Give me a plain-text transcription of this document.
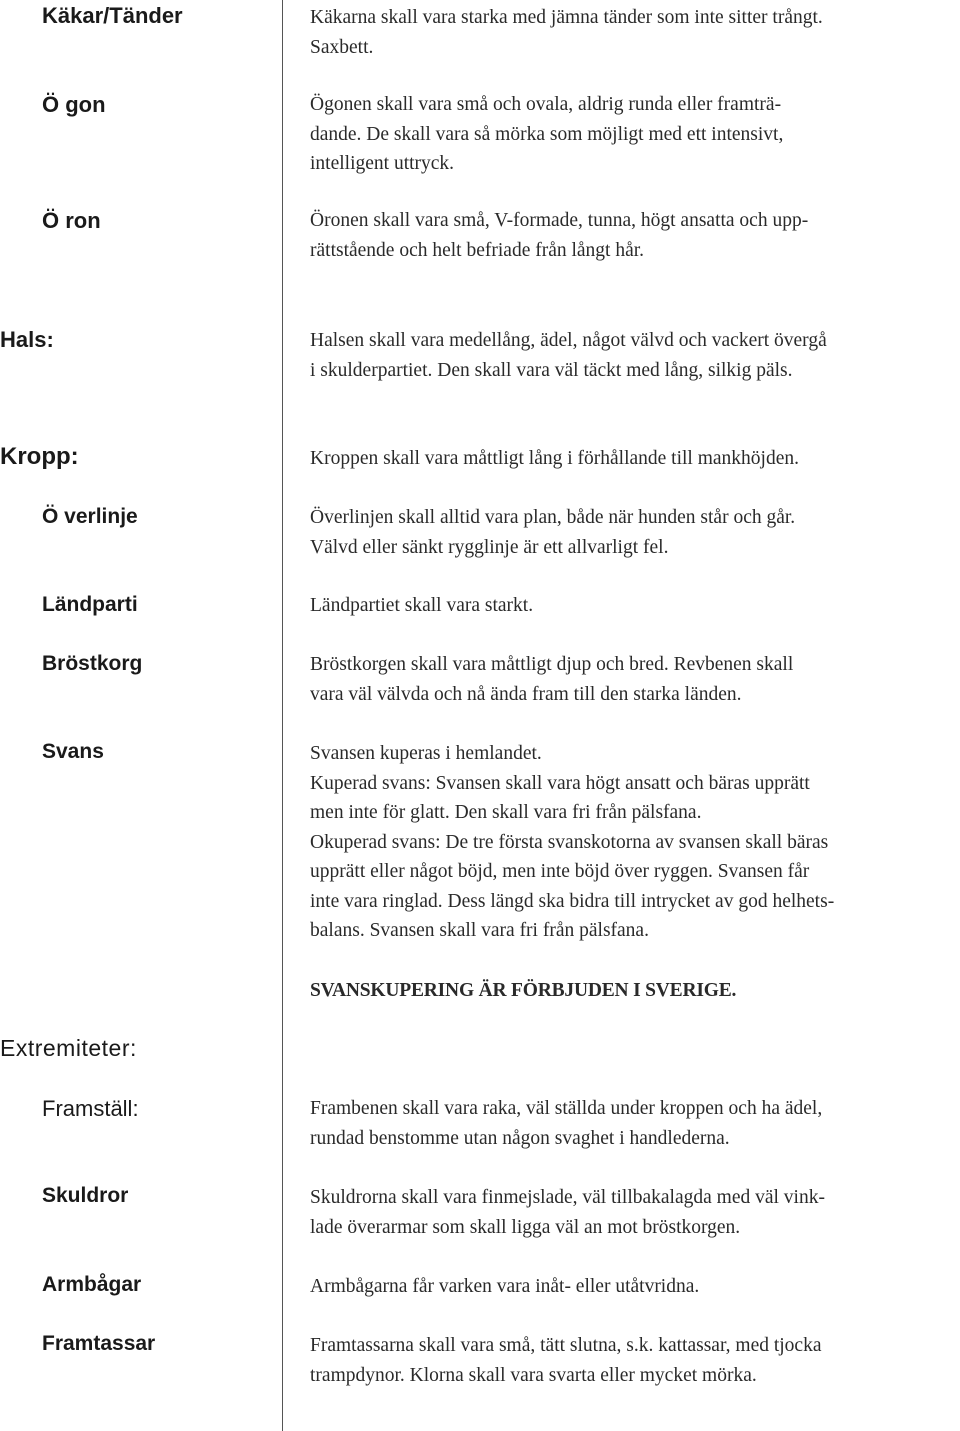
Käkar/Tänder	Käkarna skall vara starka med jämna tänder som inte sitter trångt.
Saxbett.
Ö gon	Ögonen skall vara små och ovala, aldrig runda eller framträ-
dande. De skall vara så mörka som möjligt med ett intensivt,
intelligent uttryck.
Ö ron	Öronen skall vara små, V-formade, tunna, högt ansatta och upp-
rättstående och helt befriade från långt hår.
Hals:	Halsen skall vara medellång, ädel, något välvd och vackert övergå
i skulderpartiet. Den skall vara väl täckt med lång, silkig päls.
Kropp:	Kroppen skall vara måttligt lång i förhållande till mankhöjden.
Ö verlinje	Överlinjen skall alltid vara plan, både när hunden står och går.
Välvd eller sänkt rygglinje är ett allvarligt fel.
Ländparti	Ländpartiet skall vara starkt.
Bröstkorg	Bröstkorgen skall vara måttligt djup och bred. Revbenen skall
vara väl välvda och nå ända fram till den starka länden.
Svans	Svansen kuperas i hemlandet.
Kuperad svans: Svansen skall vara högt ansatt och bäras upprätt
men inte för glatt. Den skall vara fri från pälsfana.
Okuperad svans: De tre första svanskotorna av svansen skall bäras
upprätt eller något böjd, men inte böjd över ryggen. Svansen får
inte vara ringlad. Dess längd ska bidra till intrycket av god helhets-
balans. Svansen skall vara fri från pälsfana.
SVANSKUPERING ÄR FÖRBJUDEN I SVERIGE.
Extremiteter:
Framställ:	Frambenen skall vara raka, väl ställda under kroppen och ha ädel,
rundad benstomme utan någon svaghet i handlederna.
Skuldror	Skuldrorna skall vara finmejslade, väl tillbakalagda med väl vink-
lade överarmar som skall ligga väl an mot bröstkorgen.
Armbågar	Armbågarna får varken vara inåt- eller utåtvridna.
Framtassar	Framtassarna skall vara små, tätt slutna, s.k. kattassar, med tjocka
trampdynor. Klorna skall vara svarta eller mycket mörka.
